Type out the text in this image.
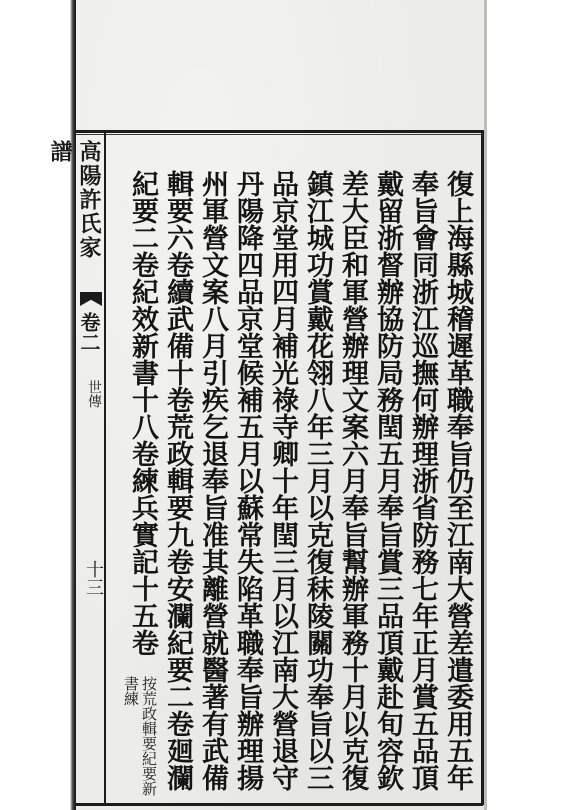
高陽許氏家譜
卷二
世傳
十三	復上海縣城稽遲革職奉旨仍至江南大營差遣委用五年
奉旨會同浙江巡撫何辦理浙省防務七年正月賞五品頂
戴留浙督辦協防局務閏五月奉旨賞三品頂戴赴旬容欽
差大臣和軍營辦理文案六月奉旨幫辦軍務十月以克復
鎮江城功賞戴花翎八年三月以克復秣陵關功奉旨以三
品京堂用四月補光祿寺卿十年閏三月以江南大營退守
丹陽降四品京堂候補五月以蘇常失陷革職奉旨辦理揚
州軍營文案八月引疾乞退奉旨准其離營就醫著有武備
輯要六卷續武備十卷荒政輯要九卷安瀾紀要二卷廻瀾
紀要二卷紀效新書十八卷練兵實記十五卷
按荒政輯要紀要新書練
